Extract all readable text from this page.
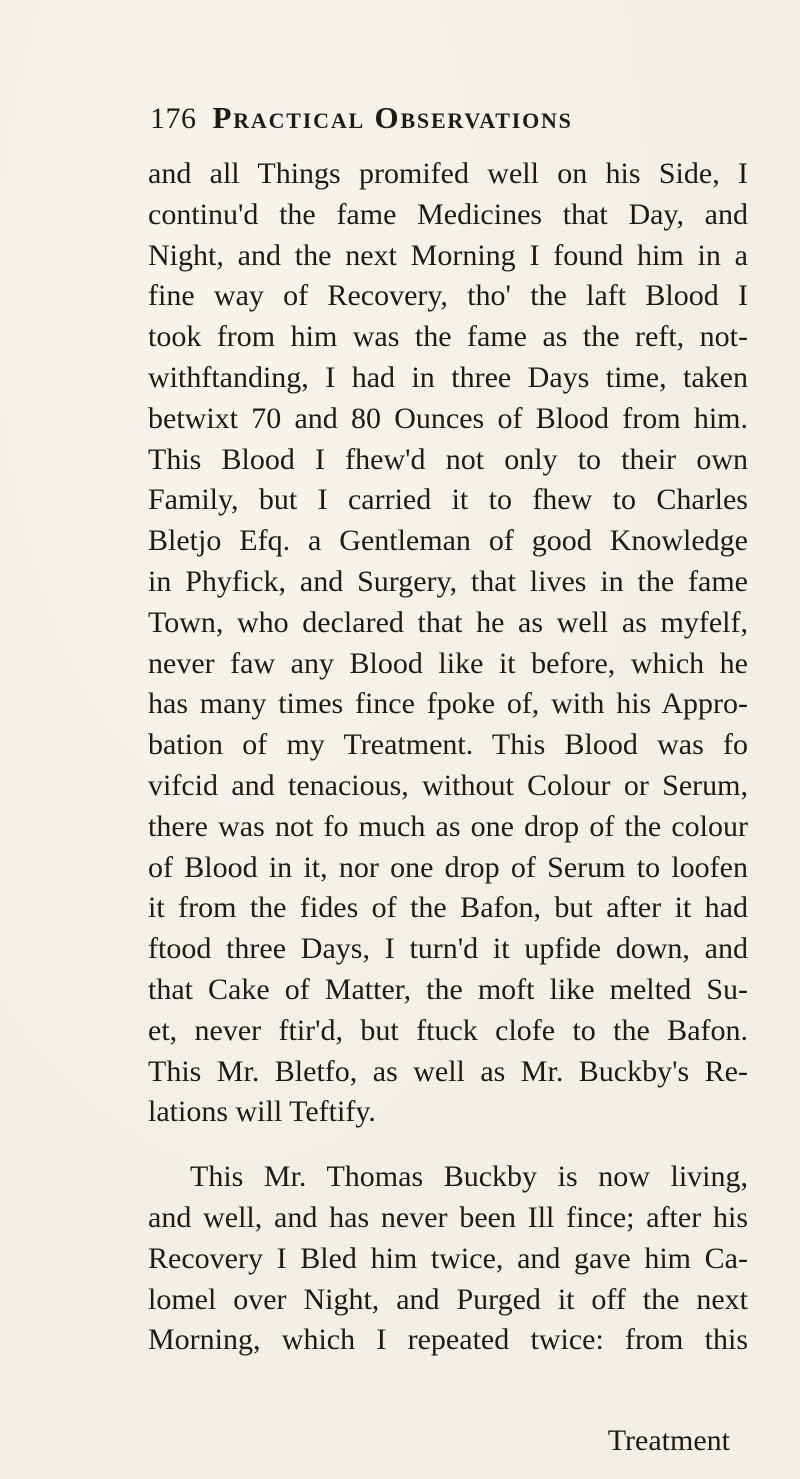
176 Practical Observations
and all Things promifed well on his Side, I
continu'd the fame Medicines that Day, and
Night, and the next Morning I found him in a
fine way of Recovery, tho' the laft Blood I
took from him was the fame as the reft, not-
withftanding, I had in three Days time, taken
betwixt 70 and 80 Ounces of Blood from him.
This Blood I fhew'd not only to their own
Family, but I carried it to fhew to Charles
Bletjo Efq. a Gentleman of good Knowledge
in Phyfick, and Surgery, that lives in the fame
Town, who declared that he as well as myfelf,
never faw any Blood like it before, which he
has many times fince fpoke of, with his Appro-
bation of my Treatment. This Blood was fo
vifcid and tenacious, without Colour or Serum,
there was not fo much as one drop of the colour
of Blood in it, nor one drop of Serum to loofen
it from the fides of the Bafon, but after it had
ftood three Days, I turn'd it upfide down, and
that Cake of Matter, the moft like melted Su-
et, never ftir'd, but ftuck clofe to the Bafon.
This Mr. Bletfo, as well as Mr. Buckby's Re-
lations will Teftify.
This Mr. Thomas Buckby is now living,
and well, and has never been Ill fince; after his
Recovery I Bled him twice, and gave him Ca-
lomel over Night, and Purged it off the next
Morning, which I repeated twice: from this
Treatment
